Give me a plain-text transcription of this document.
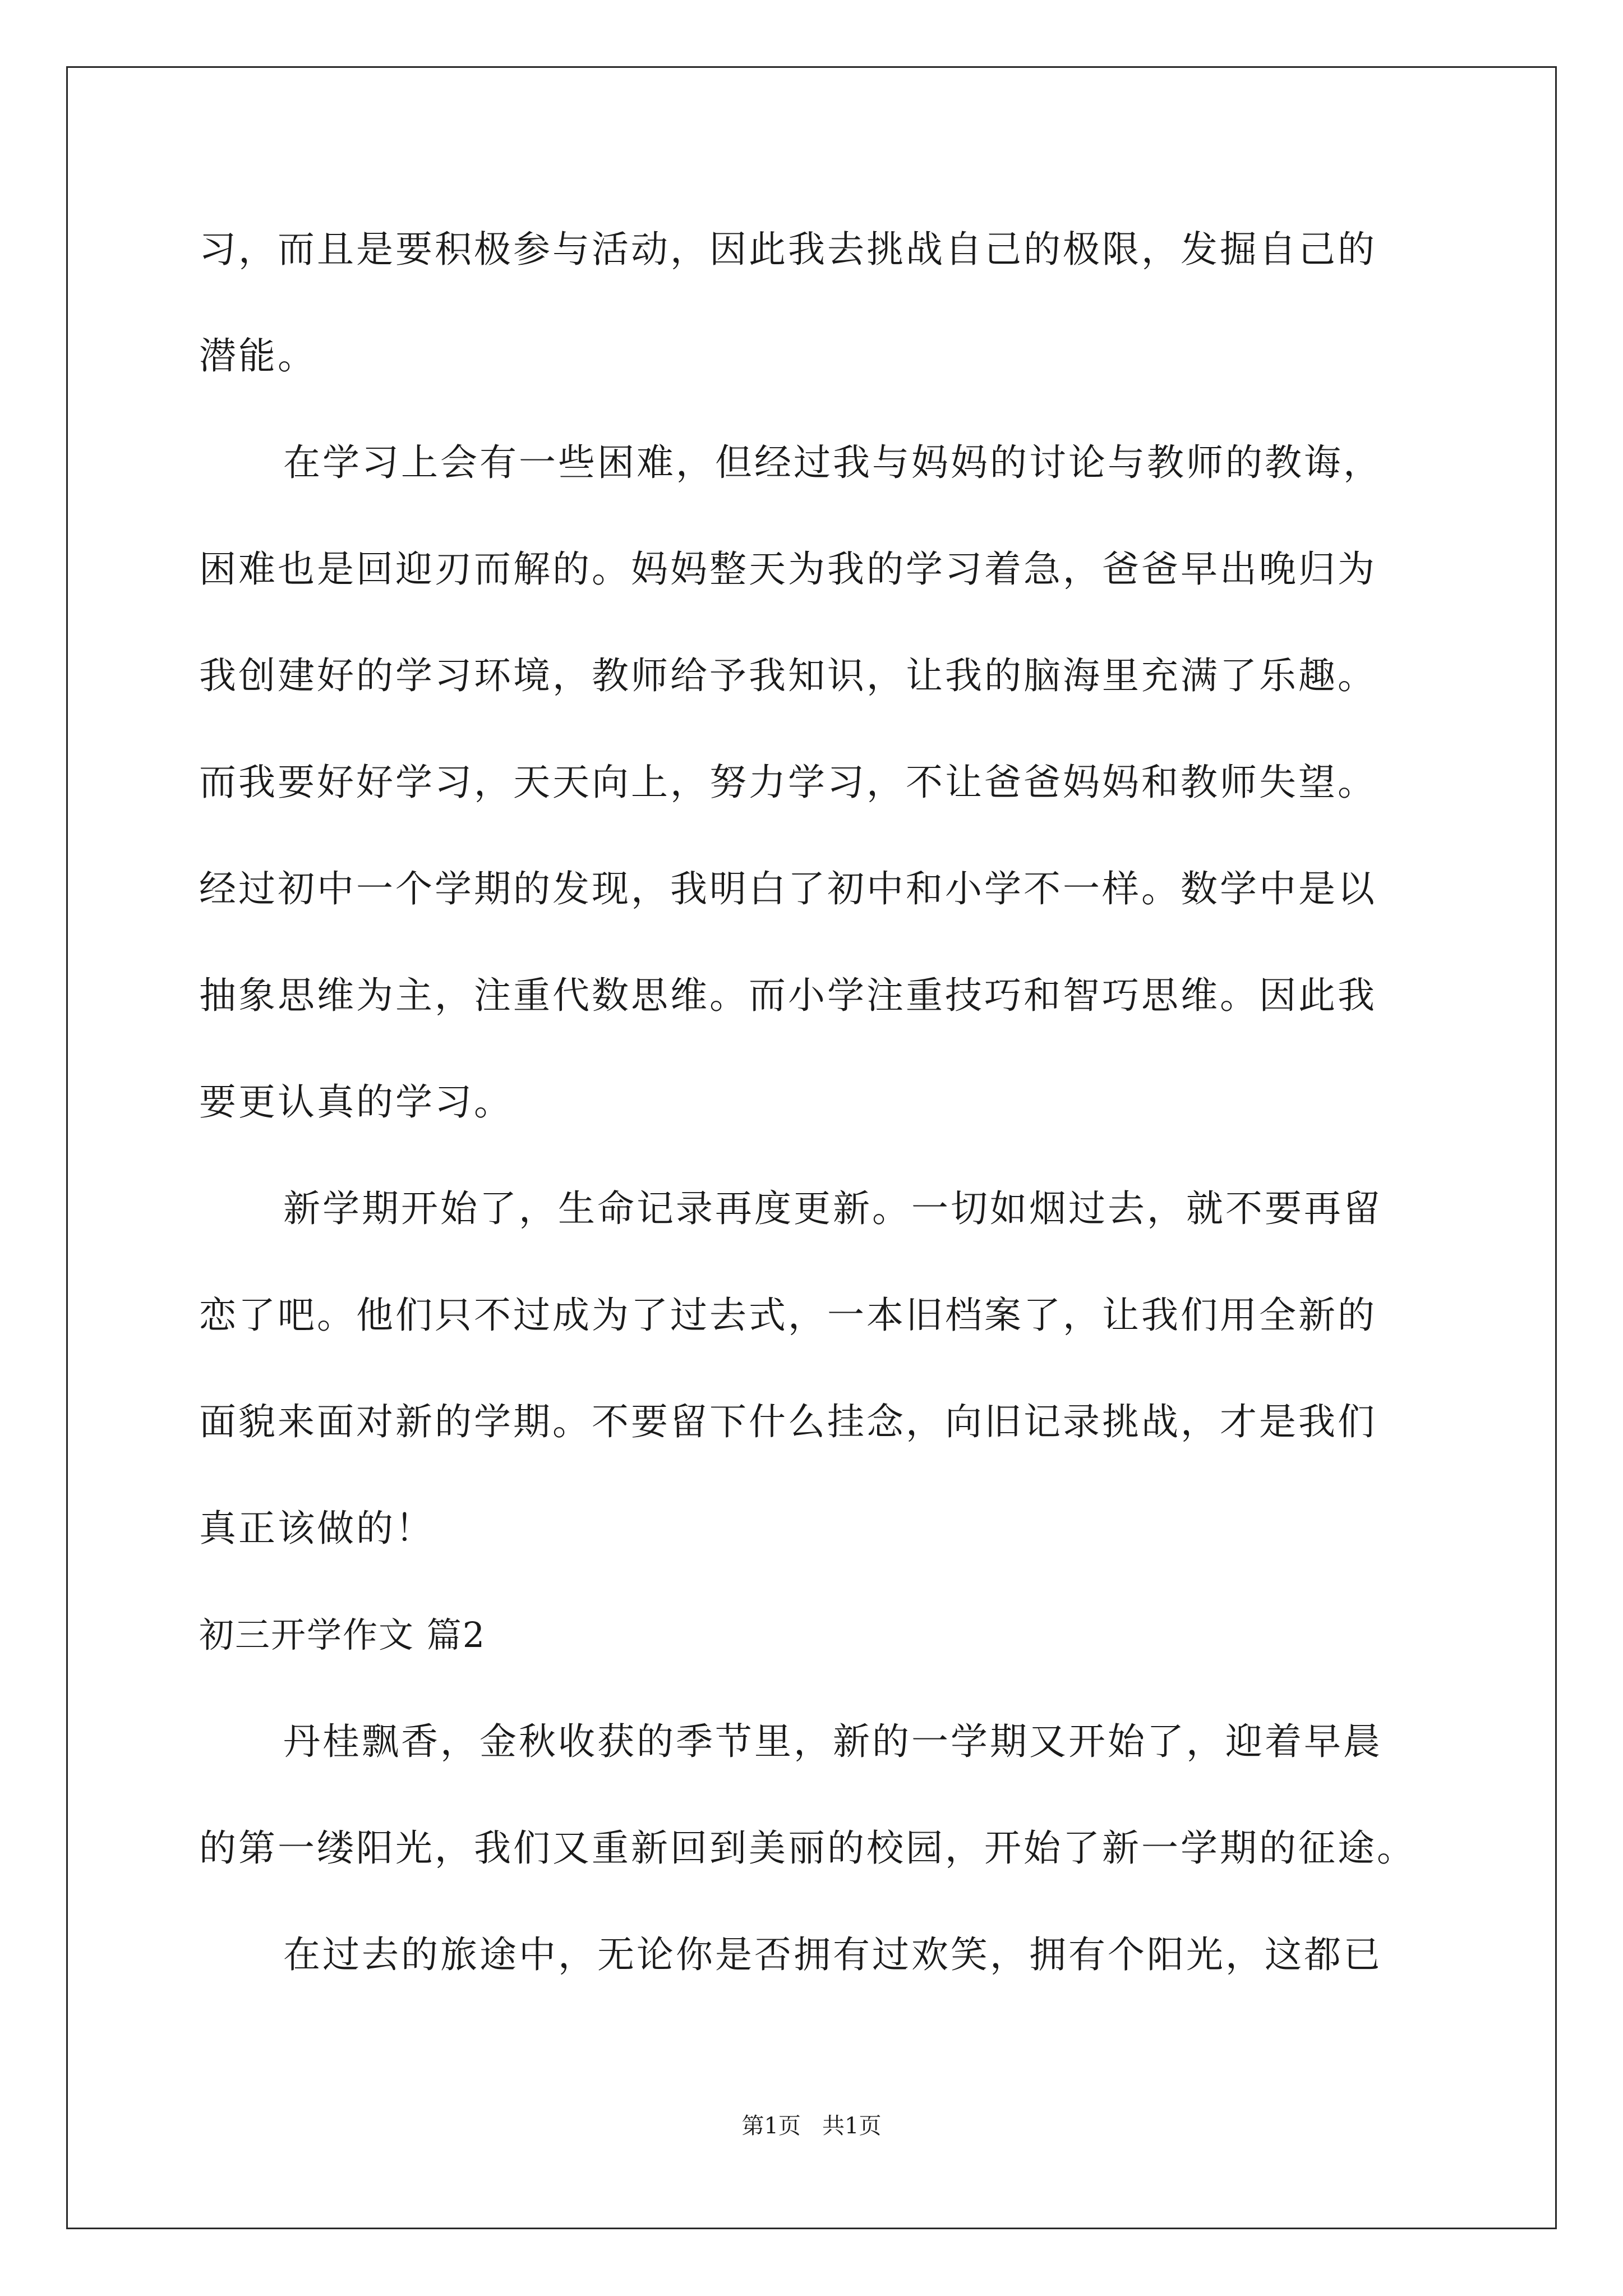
习，而且是要积极参与活动，因此我去挑战自己的极限，发掘自己的

潜能。

在学习上会有一些困难，但经过我与妈妈的讨论与教师的教诲，

困难也是回迎刃而解的。妈妈整天为我的学习着急，爸爸早出晚归为

我创建好的学习环境，教师给予我知识，让我的脑海里充满了乐趣。

而我要好好学习，天天向上，努力学习，不让爸爸妈妈和教师失望。

经过初中一个学期的发现，我明白了初中和小学不一样。数学中是以

抽象思维为主，注重代数思维。而小学注重技巧和智巧思维。因此我

要更认真的学习。

新学期开始了，生命记录再度更新。一切如烟过去，就不要再留

恋了吧。他们只不过成为了过去式，一本旧档案了，让我们用全新的

面貌来面对新的学期。不要留下什么挂念，向旧记录挑战，才是我们

真正该做的！

初三开学作文 篇2

丹桂飘香，金秋收获的季节里，新的一学期又开始了，迎着早晨

的第一缕阳光，我们又重新回到美丽的校园，开始了新一学期的征途。

在过去的旅途中，无论你是否拥有过欢笑，拥有个阳光，这都已

第1页   共1页
